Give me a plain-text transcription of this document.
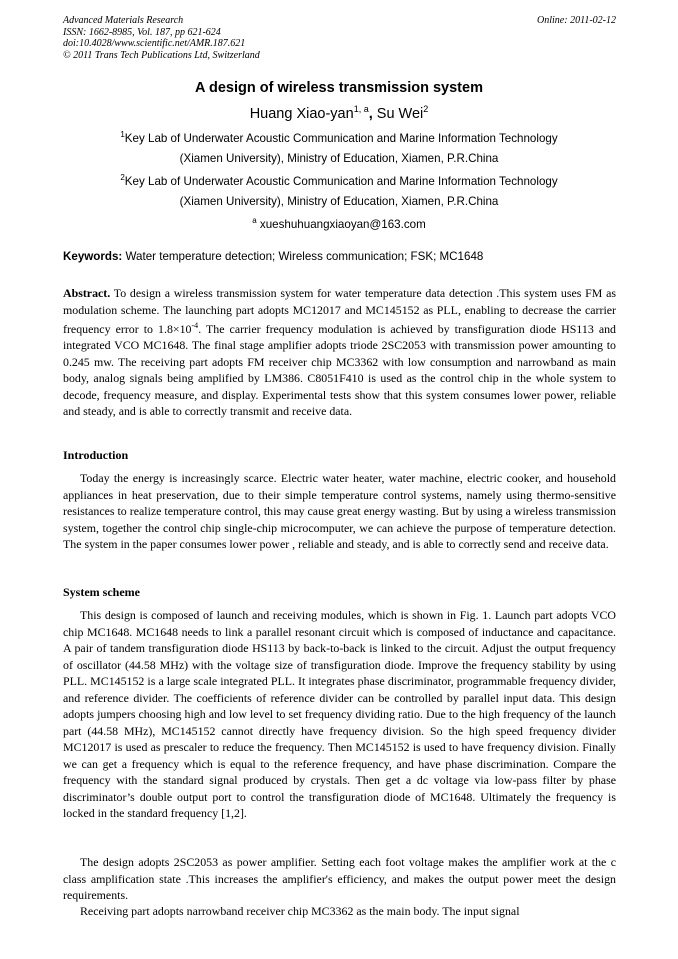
Advanced Materials Research
ISSN: 1662-8985, Vol. 187, pp 621-624
doi:10.4028/www.scientific.net/AMR.187.621
© 2011 Trans Tech Publications Ltd, Switzerland
Online: 2011-02-12
A design of wireless transmission system
Huang Xiao-yan$^{1, a}$, Su Wei$^2$
$^1$Key Lab of Underwater Acoustic Communication and Marine Information Technology
(Xiamen University), Ministry of Education, Xiamen, P.R.China
$^2$Key Lab of Underwater Acoustic Communication and Marine Information Technology
(Xiamen University), Ministry of Education, Xiamen, P.R.China
$^a$ xueshuhuangxiaoyan@163.com
Keywords: Water temperature detection; Wireless communication; FSK; MC1648
Abstract. To design a wireless transmission system for water temperature data detection .This system uses FM as modulation scheme. The launching part adopts MC12017 and MC145152 as PLL, enabling to decrease the carrier frequency error to $1.8\times 10^{-4}$. The carrier frequency modulation is achieved by transfiguration diode HS113 and integrated VCO MC1648. The final stage amplifier adopts triode 2SC2053 with transmission power amounting to 0.245 mw. The receiving part adopts FM receiver chip MC3362 with low consumption and narrowband as main body, analog signals being amplified by LM386. C8051F410 is used as the control chip in the whole system to decode, frequency measure, and display. Experimental tests show that this system consumes lower power, reliable and steady, and is able to correctly transmit and receive data.
Introduction
Today the energy is increasingly scarce. Electric water heater, water machine, electric cooker, and household appliances in heat preservation, due to their simple temperature control systems, namely using thermo-sensitive resistances to realize temperature control, this may cause great energy wasting. But by using a wireless transmission system, together the control chip single-chip microcomputer, we can achieve the purpose of temperature detection. The system in the paper consumes lower power , reliable and steady, and is able to correctly send and receive data.
System scheme
This design is composed of launch and receiving modules, which is shown in Fig. 1. Launch part adopts VCO chip MC1648. MC1648 needs to link a parallel resonant circuit which is composed of inductance and capacitance. A pair of tandem transfiguration diode HS113 by back-to-back is linked to the circuit. Adjust the output frequency of oscillator (44.58 MHz) with the voltage size of transfiguration diode. Improve the frequency stability by using PLL. MC145152 is a large scale integrated PLL. It integrates phase discriminator, programmable frequency divider, and reference divider. The coefficients of reference divider can be controlled by parallel input data. This design adopts jumpers choosing high and low level to set frequency dividing ratio. Due to the high frequency of the launch part (44.58 MHz), MC145152 cannot directly have frequency division. So the high speed frequency divider MC12017 is used as prescaler to reduce the frequency. Then MC145152 is used to have frequency division. Finally we can get a frequency which is equal to the reference frequency, and have phase discrimination. Compare the frequency with the standard signal produced by crystals. Then get a dc voltage via low-pass filter by phase discriminator’s double output port to control the transfiguration diode of MC1648. Ultimately the frequency is locked in the standard frequency [1,2].
The design adopts 2SC2053 as power amplifier. Setting each foot voltage makes the amplifier work at the c class amplification state .This increases the amplifier's efficiency, and makes the output power meet the design requirements.
Receiving part adopts narrowband receiver chip MC3362 as the main body. The input signal
